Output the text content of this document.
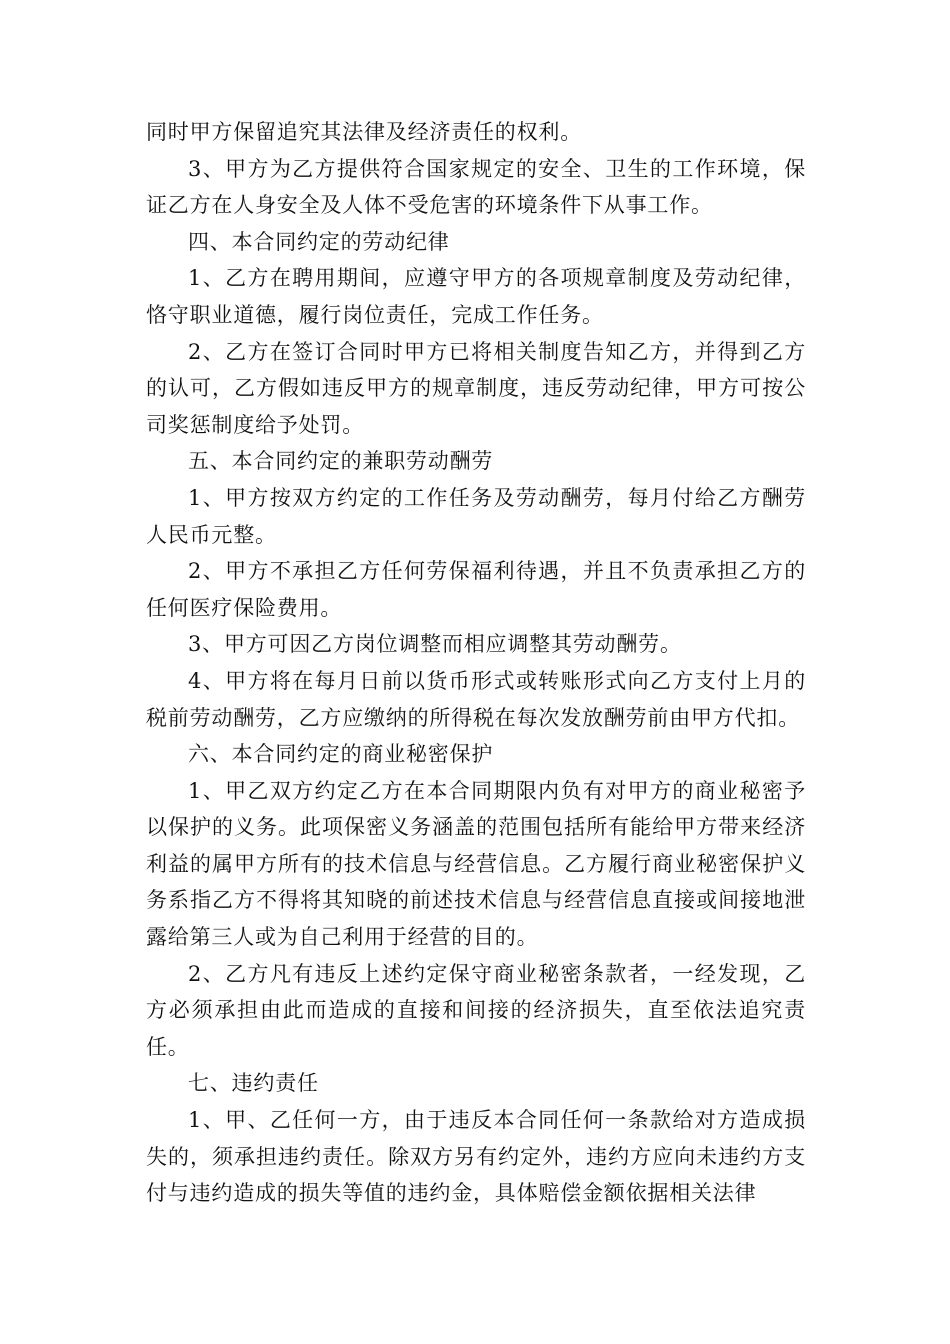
同时甲方保留追究其法律及经济责任的权利。

3、甲方为乙方提供符合国家规定的安全、卫生的工作环境，保证乙方在人身安全及人体不受危害的环境条件下从事工作。

四、本合同约定的劳动纪律

1、乙方在聘用期间，应遵守甲方的各项规章制度及劳动纪律，恪守职业道德，履行岗位责任，完成工作任务。

2、乙方在签订合同时甲方已将相关制度告知乙方，并得到乙方的认可，乙方假如违反甲方的规章制度，违反劳动纪律，甲方可按公司奖惩制度给予处罚。

五、本合同约定的兼职劳动酬劳

1、甲方按双方约定的工作任务及劳动酬劳，每月付给乙方酬劳人民币元整。

2、甲方不承担乙方任何劳保福利待遇，并且不负责承担乙方的任何医疗保险费用。

3、甲方可因乙方岗位调整而相应调整其劳动酬劳。

4、甲方将在每月日前以货币形式或转账形式向乙方支付上月的税前劳动酬劳，乙方应缴纳的所得税在每次发放酬劳前由甲方代扣。

六、本合同约定的商业秘密保护

1、甲乙双方约定乙方在本合同期限内负有对甲方的商业秘密予以保护的义务。此项保密义务涵盖的范围包括所有能给甲方带来经济利益的属甲方所有的技术信息与经营信息。乙方履行商业秘密保护义务系指乙方不得将其知晓的前述技术信息与经营信息直接或间接地泄露给第三人或为自己利用于经营的目的。

2、乙方凡有违反上述约定保守商业秘密条款者，一经发现，乙方必须承担由此而造成的直接和间接的经济损失，直至依法追究责任。

七、违约责任

1、甲、乙任何一方，由于违反本合同任何一条款给对方造成损失的，须承担违约责任。除双方另有约定外，违约方应向未违约方支付与违约造成的损失等值的违约金，具体赔偿金额依据相关法律
